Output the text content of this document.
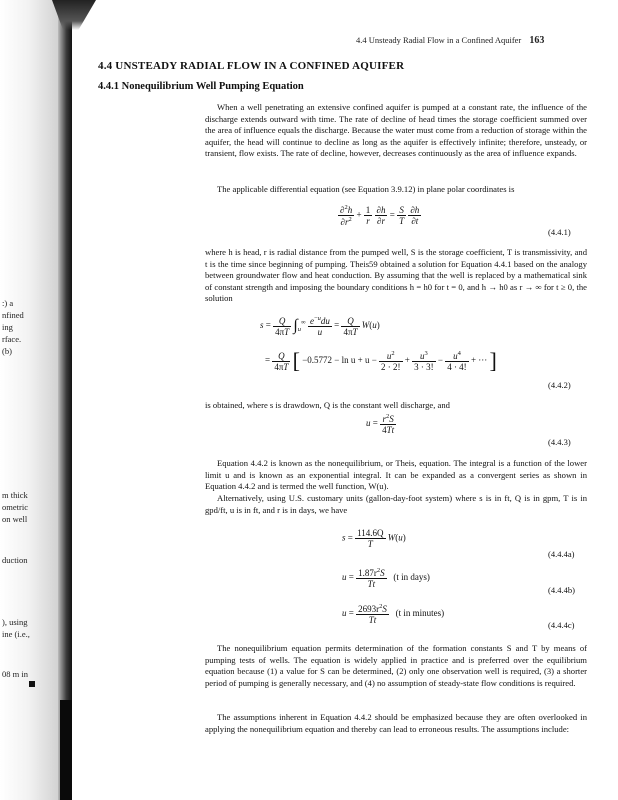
:) a
nfined
ing
rface.
(b)
m thick
ometric
on well
duction
), using
ine (i.e.,
08 m in
4.4 Unsteady Radial Flow in a Confined Aquifer 163
4.4 UNSTEADY RADIAL FLOW IN A CONFINED AQUIFER
4.4.1 Nonequilibrium Well Pumping Equation

When a well penetrating an extensive confined aquifer is pumped at a constant rate, the influence of the discharge extends outward with time. The rate of decline of head times the storage coefficient summed over the area of influence equals the discharge. Because the water must come from a reduction of storage within the aquifer, the head will continue to decline as long as the aquifer is effectively infinite; therefore, unsteady, or transient, flow exists. The rate of decline, however, decreases continuously as the area of influence expands.

The applicable differential equation (see Equation 3.9.12) in plane polar coordinates is

$\frac{\partial^2h}{\partial r^2} + \frac{1}{r}$
$\frac{\partial h}{\partial r} = \frac{S}{T}$
$\frac{\partial h}{\partial t}$
(4.4.1)

where h is head, r is radial distance from the pumped well, S is the storage coefficient, T is transmissivity, and t is the time since beginning of pumping. Theis59 obtained a solution for Equation 4.4.1 based on the analogy between groundwater flow and heat conduction. By assuming that the well is replaced by a mathematical sink of constant strength and imposing the boundary conditions h = h0 for t = 0, and h → h0 as r → ∞ for t ≥ 0, the solution

$s = \frac{Q}{4\pi T} \int_u^\infty \frac{e^{-u}du}{u} = \frac{Q}{4\pi T} W(u)$
= $\frac{Q}{4\pi T}$ [ $-0.5772 - \ln u + u - \frac{u^2}{2 \cdot 2!} + \frac{u^3}{3 \cdot 3!} - \frac{u^4}{4 \cdot 4!}$ + ··· ]
(4.4.2)

is obtained, where s is drawdown, Q is the constant well discharge, and

$u = \frac{r^2S}{4Tt}$
(4.4.3)

Equation 4.4.2 is known as the nonequilibrium, or Theis, equation. The integral is a function of the lower limit u and is known as an exponential integral. It can be expanded as a convergent series as shown in Equation 4.4.2 and is termed the well function, W(u).

Alternatively, using U.S. customary units (gallon-day-foot system) where s is in ft, Q is in gpm, T is in gpd/ft, u is in ft, and r is in days, we have

$s = \frac{114.6Q}{T} W(u)$
(4.4.4a)
$u = \frac{1.87r^2S}{Tt} (t$ in days)
(4.4.4b)
$u = \frac{2693r^2S}{Tt} (t$ in minutes)
(4.4.4c)

The nonequilibrium equation permits determination of the formation constants S and T by means of pumping tests of wells. The equation is widely applied in practice and is preferred over the equilibrium equation because (1) a value for S can be determined, (2) only one observation well is required, (3) a shorter period of pumping is generally necessary, and (4) no assumption of steady-state flow conditions is required.

The assumptions inherent in Equation 4.4.2 should be emphasized because they are often overlooked in applying the nonequilibrium equation and thereby can lead to erroneous results. The assumptions include:
